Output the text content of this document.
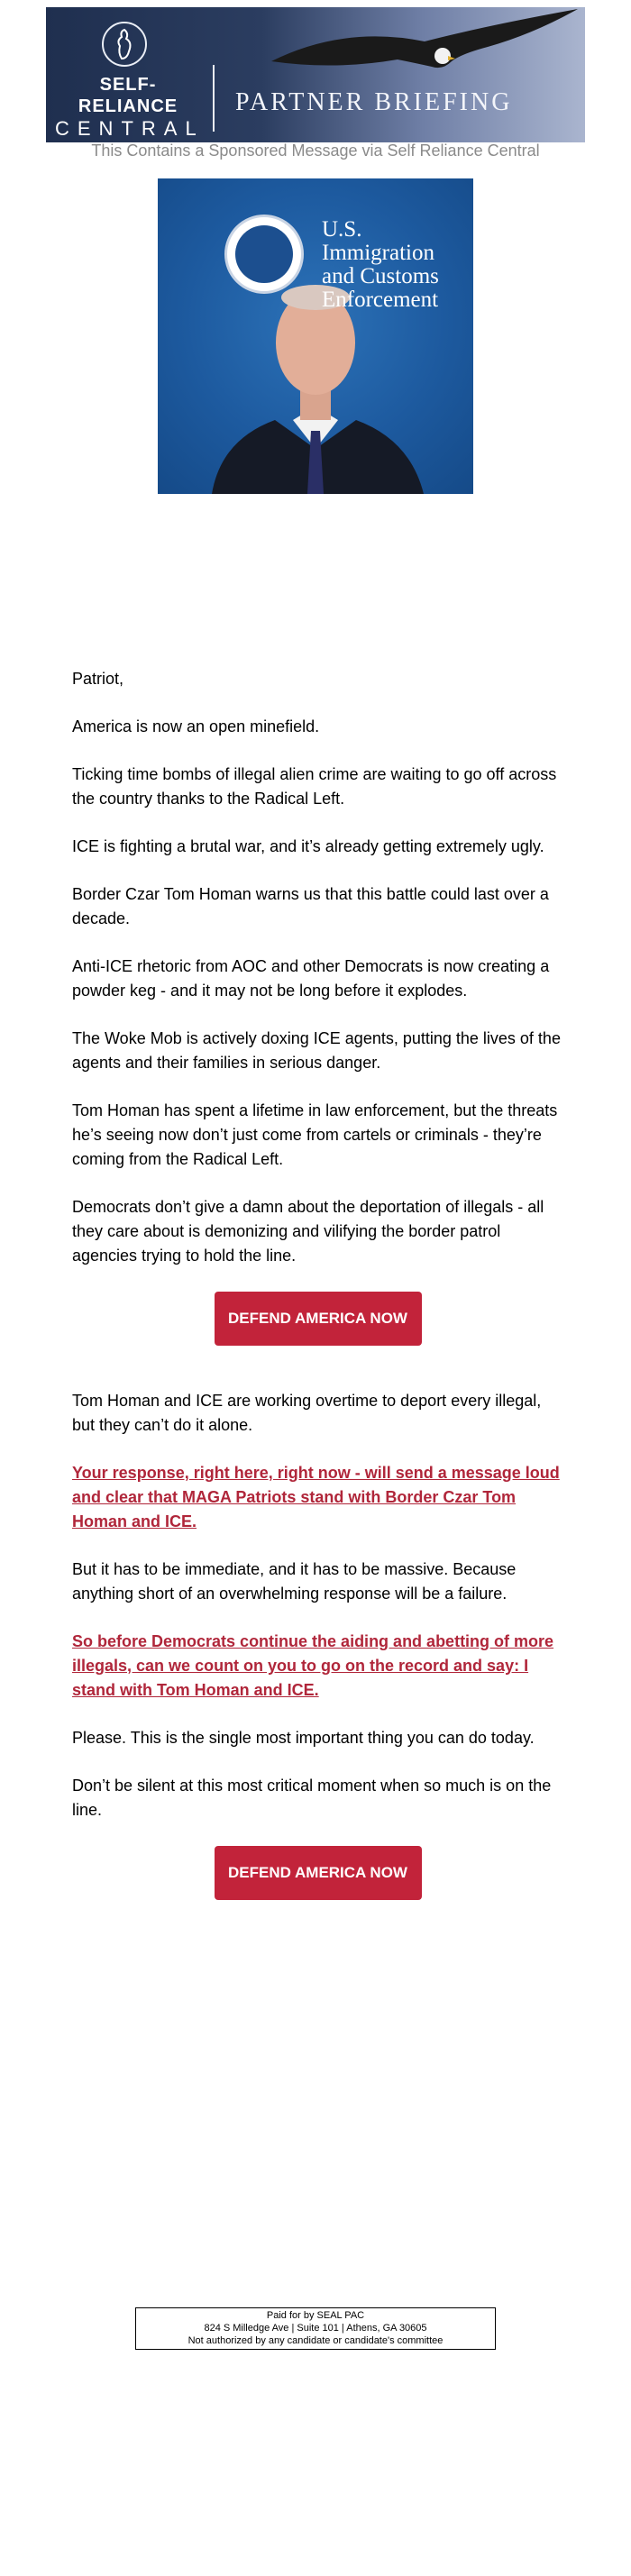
SELF-RELIANCE
CENTRAL
PARTNER BRIEFING
This Contains a Sponsored Message via Self Reliance Central
U.S. Immigration
and Customs
Enforcement

Patriot,

America is now an open minefield.

Ticking time bombs of illegal alien crime are waiting to go off across the country thanks to the Radical Left.

ICE is fighting a brutal war, and it’s already getting extremely ugly.

Border Czar Tom Homan warns us that this battle could last over a decade.

Anti-ICE rhetoric from AOC and other Democrats is now creating a powder keg - and it may not be long before it explodes.

The Woke Mob is actively doxing ICE agents, putting the lives of the agents and their families in serious danger.

Tom Homan has spent a lifetime in law enforcement, but the threats he’s seeing now don’t just come from cartels or criminals - they’re coming from the Radical Left.

Democrats don’t give a damn about the deportation of illegals - all they care about is demonizing and vilifying the border patrol agencies trying to hold the line.

DEFEND AMERICA NOW

Tom Homan and ICE are working overtime to deport every illegal, but they can’t do it alone.

Your response, right here, right now - will send a message loud and clear that MAGA Patriots stand with Border Czar Tom Homan and ICE.

But it has to be immediate, and it has to be massive. Because anything short of an overwhelming response will be a failure.

So before Democrats continue the aiding and abetting of more illegals, can we count on you to go on the record and say: I stand with Tom Homan and ICE.

Please. This is the single most important thing you can do today.

Don’t be silent at this most critical moment when so much is on the line.

DEFEND AMERICA NOW
Paid for by SEAL PAC
824 S Milledge Ave | Suite 101 | Athens, GA 30605
Not authorized by any candidate or candidate's committee
